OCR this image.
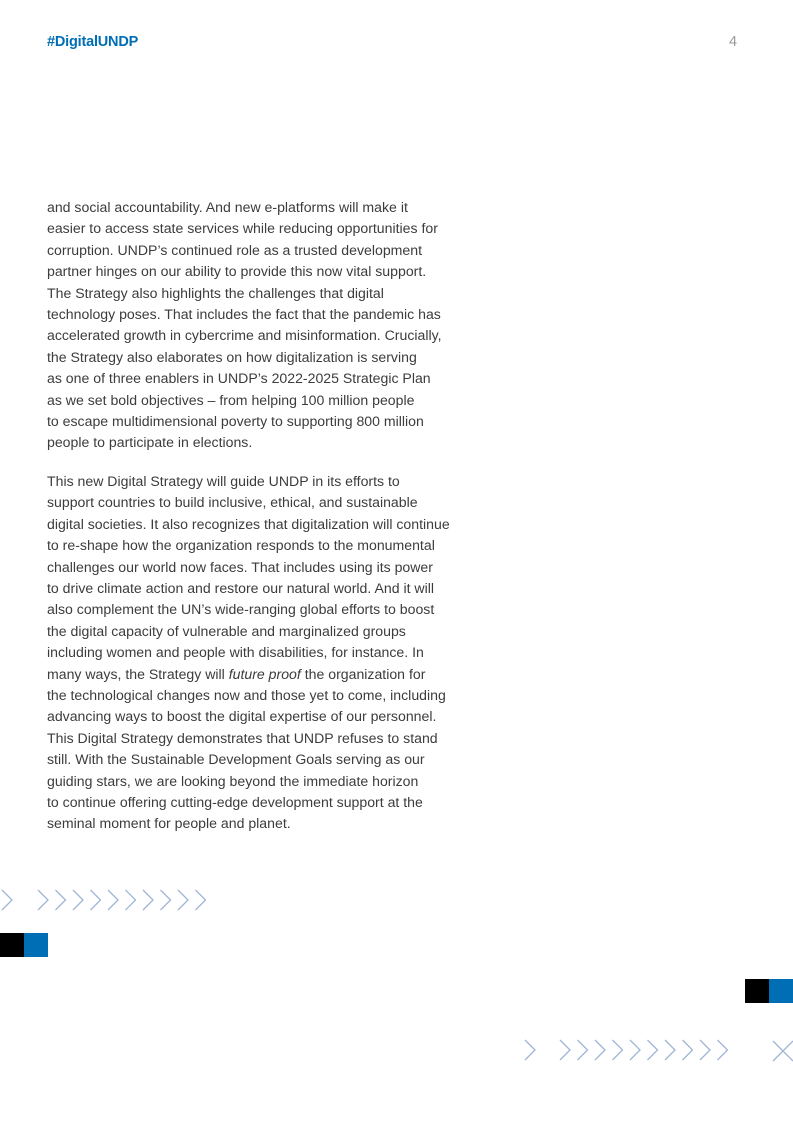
#DigitalUNDP	4

and social accountability. And new e-platforms will make it
easier to access state services while reducing opportunities for
corruption. UNDP’s continued role as a trusted development
partner hinges on our ability to provide this now vital support.
The Strategy also highlights the challenges that digital
technology poses. That includes the fact that the pandemic has
accelerated growth in cybercrime and misinformation. Crucially,
the Strategy also elaborates on how digitalization is serving
as one of three enablers in UNDP’s 2022-2025 Strategic Plan
as we set bold objectives – from helping 100 million people
to escape multidimensional poverty to supporting 800 million
people to participate in elections.

This new Digital Strategy will guide UNDP in its efforts to
support countries to build inclusive, ethical, and sustainable
digital societies. It also recognizes that digitalization will continue
to re-shape how the organization responds to the monumental
challenges our world now faces. That includes using its power
to drive climate action and restore our natural world. And it will
also complement the UN’s wide-ranging global efforts to boost
the digital capacity of vulnerable and marginalized groups
including women and people with disabilities, for instance. In
many ways, the Strategy will future proof the organization for
the technological changes now and those yet to come, including
advancing ways to boost the digital expertise of our personnel.
This Digital Strategy demonstrates that UNDP refuses to stand
still. With the Sustainable Development Goals serving as our
guiding stars, we are looking beyond the immediate horizon
to continue offering cutting-edge development support at the
seminal moment for people and planet.
